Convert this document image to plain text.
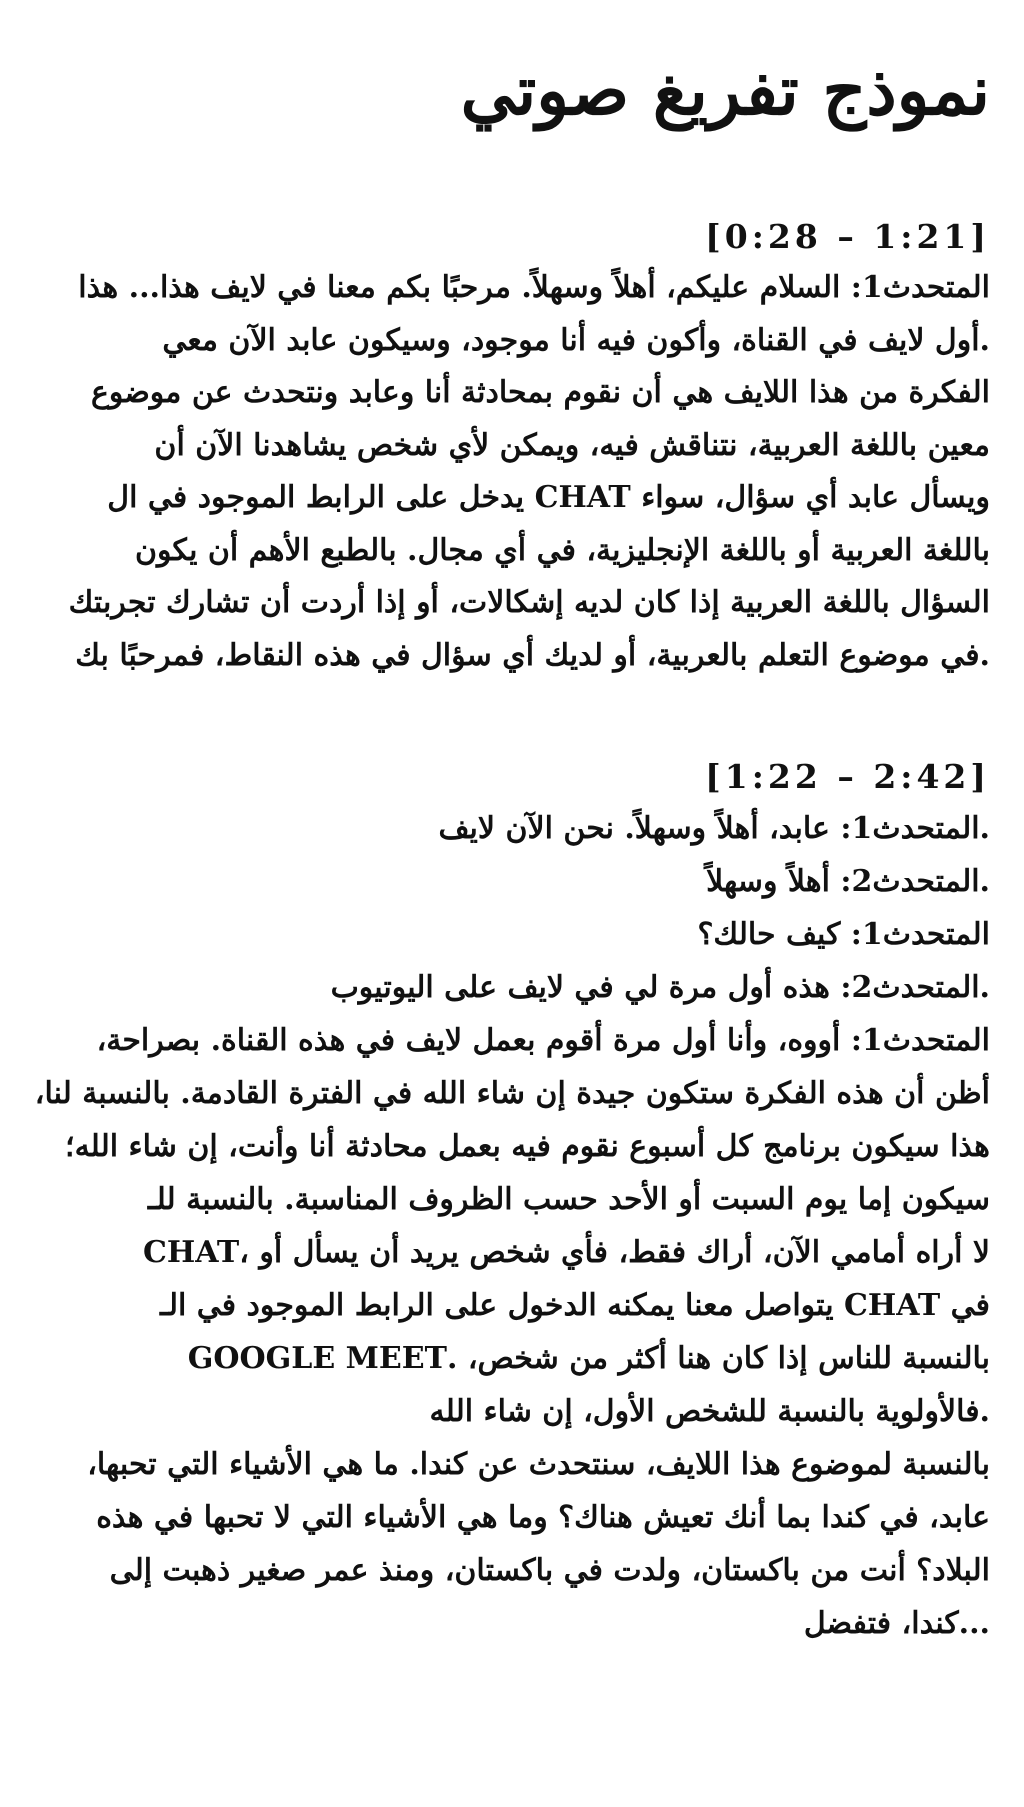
نموذج تفريغ صوتي
[0:28 – 1:21]
المتحدث1: السلام عليكم، أهلاً وسهلاً. مرحبًا بكم معنا في لايف هذا... هذا
.أول لايف في القناة، وأكون فيه أنا موجود، وسيكون عابد الآن معي
الفكرة من هذا اللايف هي أن نقوم بمحادثة أنا وعابد ونتحدث عن موضوع
معين باللغة العربية، نتناقش فيه، ويمكن لأي شخص يشاهدنا الآن أن
ويسأل عابد أي سؤال، سواء CHAT يدخل على الرابط الموجود في ال
باللغة العربية أو باللغة الإنجليزية، في أي مجال. بالطبع الأهم أن يكون
السؤال باللغة العربية إذا كان لديه إشكالات، أو إذا أردت أن تشارك تجربتك
.في موضوع التعلم بالعربية، أو لديك أي سؤال في هذه النقاط، فمرحبًا بك
[1:22 – 2:42]
.المتحدث1: عابد، أهلاً وسهلاً. نحن الآن لايف
.المتحدث2: أهلاً وسهلاً
المتحدث1: كيف حالك؟
.المتحدث2: هذه أول مرة لي في لايف على اليوتيوب
المتحدث1: أووه، وأنا أول مرة أقوم بعمل لايف في هذه القناة. بصراحة،
أظن أن هذه الفكرة ستكون جيدة إن شاء الله في الفترة القادمة. بالنسبة لنا،
هذا سيكون برنامج كل أسبوع نقوم فيه بعمل محادثة أنا وأنت، إن شاء الله؛
سيكون إما يوم السبت أو الأحد حسب الظروف المناسبة. بالنسبة للـ
لا أراه أمامي الآن، أراك فقط، فأي شخص يريد أن يسأل أو ،CHAT
في CHAT يتواصل معنا يمكنه الدخول على الرابط الموجود في الـ
بالنسبة للناس إذا كان هنا أكثر من شخص، .GOOGLE MEET
.فالأولوية بالنسبة للشخص الأول، إن شاء الله
بالنسبة لموضوع هذا اللايف، سنتحدث عن كندا. ما هي الأشياء التي تحبها،
عابد، في كندا بما أنك تعيش هناك؟ وما هي الأشياء التي لا تحبها في هذه
البلاد؟ أنت من باكستان، ولدت في باكستان، ومنذ عمر صغير ذهبت إلى
...كندا، فتفضل
